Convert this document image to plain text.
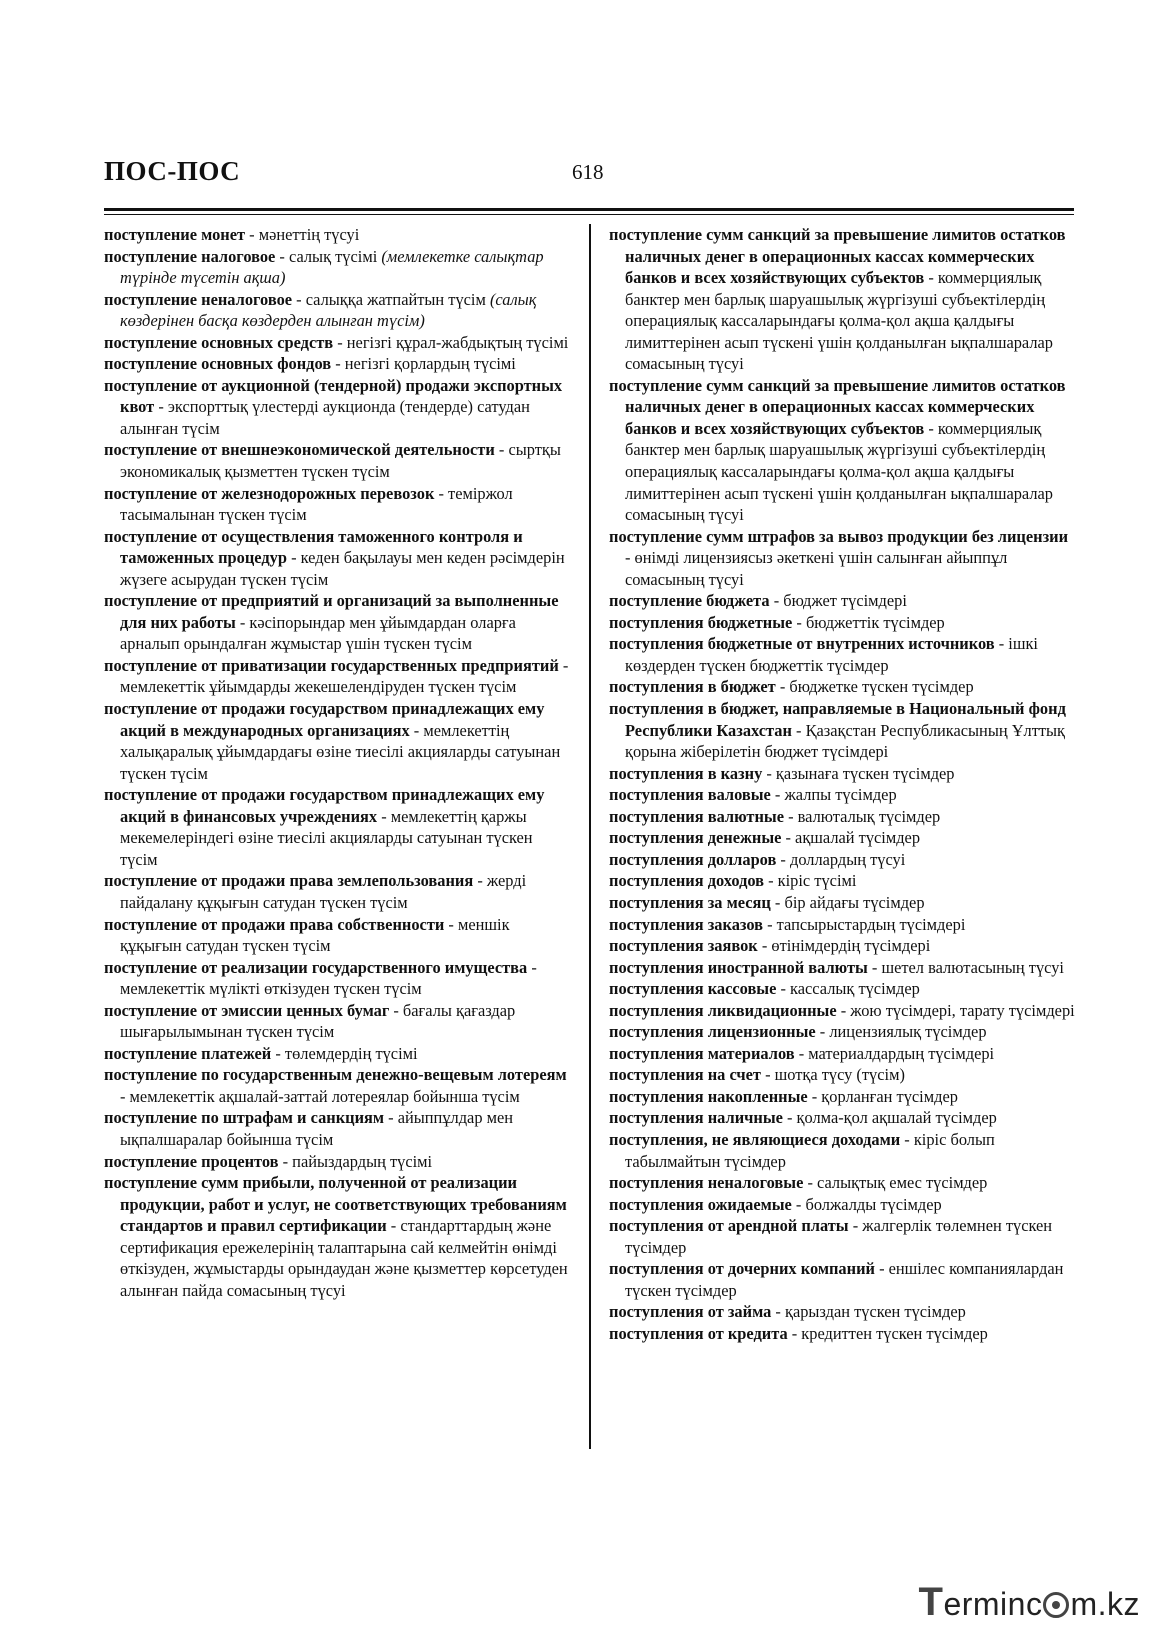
ПОС-ПОС	618
поступление монет - мәнеттің түсуі
поступление налоговое - салық түсімі (мемлекетке салықтар түрінде түсетін ақша)
поступление неналоговое - салыққа жатпайтын түсім (салық көздерінен басқа көздерден алынған түсім)
поступление основных средств - негізгі құрал-жабдықтың түсімі
поступление основных фондов - негізгі қорлардың түсімі
поступление от аукционной (тендерной) продажи экспортных квот - экспорттық үлестерді аукционда (тендерде) сатудан алынған түсім
поступление от внешнеэкономической деятельности - сыртқы экономикалық қызметтен түскен түсім
поступление от железнодорожных перевозок - теміржол тасымалынан түскен түсім
поступление от осуществления таможенного контроля и таможенных процедур - кеден бақылауы мен кеден рәсімдерін жүзеге асырудан түскен түсім
поступление от предприятий и организаций за выполненные для них работы - кәсіпорындар мен ұйымдардан оларға арналып орындалған жұмыстар үшін түскен түсім
поступление от приватизации государственных предприятий - мемлекеттік ұйымдарды жекешелендіруден түскен түсім
поступление от продажи государством принадлежащих ему акций в международных организациях - мемлекеттің халықаралық ұйымдардағы өзіне тиесілі акцияларды сатуынан түскен түсім
поступление от продажи государством принадлежащих ему акций в финансовых учреждениях - мемлекеттің қаржы мекемелеріндегі өзіне тиесілі акцияларды сатуынан түскен түсім
поступление от продажи права землепользования - жерді пайдалану құқығын сатудан түскен түсім
поступление от продажи права собственности - меншік құқығын сатудан түскен түсім
поступление от реализации государственного имущества - мемлекеттік мүлікті өткізуден түскен түсім
поступление от эмиссии ценных бумаг - бағалы қағаздар шығарылымынан түскен түсім
поступление платежей - төлемдердің түсімі
поступление по государственным денежно-вещевым лотереям - мемлекеттік ақшалай-заттай лотереялар бойынша түсім
поступление по штрафам и санкциям - айыппұлдар мен ықпалшаралар бойынша түсім
поступление процентов - пайыздардың түсімі
поступление сумм прибыли, полученной от реализации продукции, работ и услуг, не соответствующих требованиям стандартов и правил сертификации - стандарттардың және сертификация ережелерінің талаптарына сай келмейтін өнімді өткізуден, жұмыстарды орындаудан және қызметтер көрсетуден алынған пайда сомасының түсуі
поступление сумм санкций за превышение лимитов остатков наличных денег в операционных кассах коммерческих банков и всех хозяйствующих субъектов - коммерциялық банктер мен барлық шаруашылық жүргізуші субъектілердің операциялық кассаларындағы қолма-қол ақша қалдығы лимиттерінен асып түскені үшін қолданылған ықпалшаралар сомасының түсуі
поступление сумм санкций за превышение лимитов остатков наличных денег в операционных кассах коммерческих банков и всех хозяйствующих субъектов - коммерциялық банктер мен барлық шаруашылық жүргізуші субъектілердің операциялық кассаларындағы қолма-қол ақша қалдығы лимиттерінен асып түскені үшін қолданылған ықпалшаралар сомасының түсуі
поступление сумм штрафов за вывоз продукции без лицензии - өнімді лицензиясыз әкеткені үшін салынған айыппұл сомасының түсуі
поступление бюджета - бюджет түсімдері
поступления бюджетные - бюджеттік түсімдер
поступления бюджетные от внутренних источников - ішкі көздерден түскен бюджеттік түсімдер
поступления в бюджет - бюджетке түскен түсімдер
поступления в бюджет, направляемые в Национальный фонд Республики Казахстан - Қазақстан Республикасының Ұлттық қорына жіберілетін бюджет түсімдері
поступления в казну - қазынаға түскен түсімдер
поступления валовые - жалпы түсімдер
поступления валютные - валюталық түсімдер
поступления денежные - ақшалай түсімдер
поступления долларов - доллардың түсуі
поступления доходов - кіріс түсімі
поступления за месяц - бір айдағы түсімдер
поступления заказов - тапсырыстардың түсімдері
поступления заявок - өтінімдердің түсімдері
поступления иностранной валюты - шетел валютасының түсуі
поступления кассовые - кассалық түсімдер
поступления ликвидационные - жою түсімдері, тарату түсімдері
поступления лицензионные - лицензиялық түсімдер
поступления материалов - материалдардың түсімдері
поступления на счет - шотқа түсу (түсім)
поступления накопленные - қорланған түсімдер
поступления наличные - қолма-қол ақшалай түсімдер
поступления, не являющиеся доходами - кіріс болып табылмайтын түсімдер
поступления неналоговые - салықтық емес түсімдер
поступления ожидаемые - болжалды түсімдер
поступления от арендной платы - жалгерлік төлемнен түскен түсімдер
поступления от дочерних компаний - еншілес компаниялардан түскен түсімдер
поступления от займа - қарыздан түскен түсімдер
поступления от кредита - кредиттен түскен түсімдер
Terminc m.kz
